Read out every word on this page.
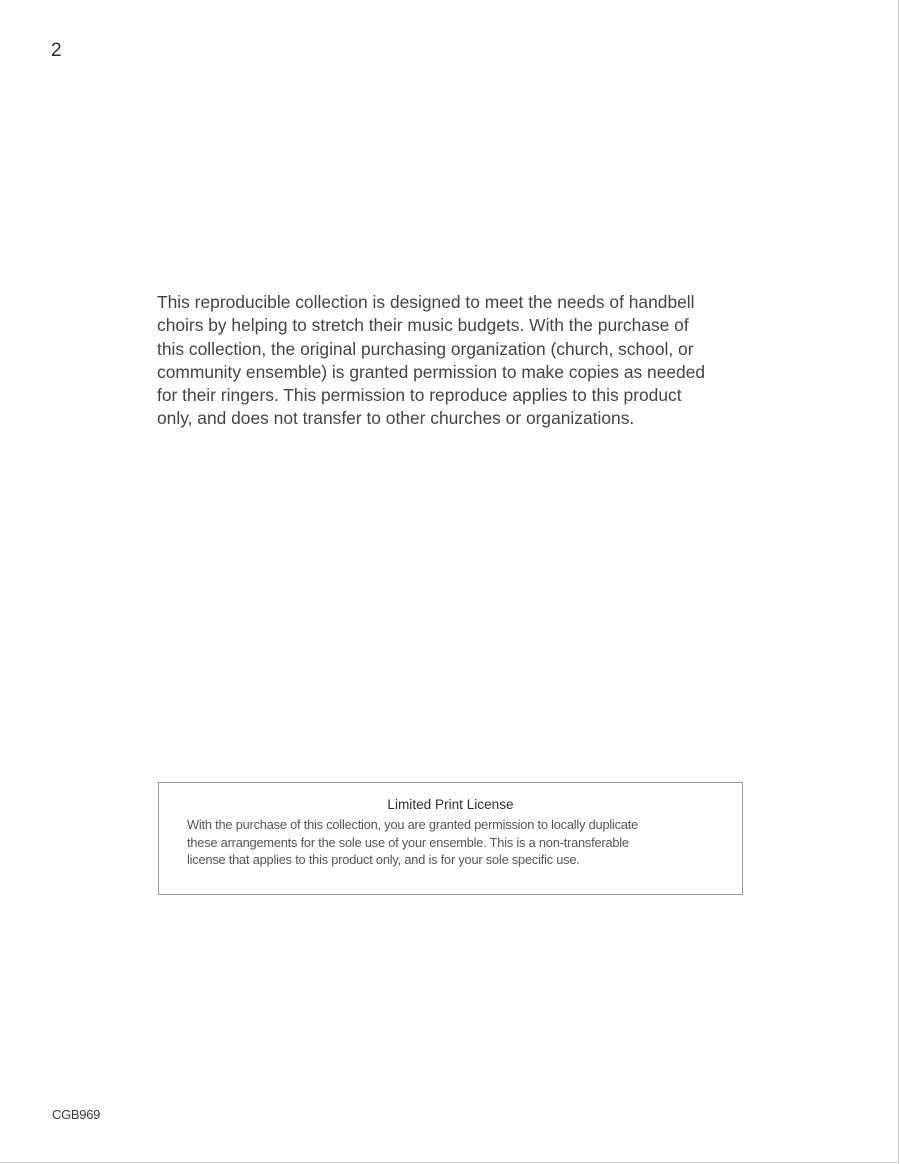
2

This reproducible collection is designed to meet the needs of handbell
choirs by helping to stretch their music budgets. With the purchase of
this collection, the original purchasing organization (church, school, or
community ensemble) is granted permission to make copies as needed
for their ringers. This permission to reproduce applies to this product
only, and does not transfer to other churches or organizations.

Limited Print License

With the purchase of this collection, you are granted permission to locally duplicate
these arrangements for the sole use of your ensemble. This is a non-transferable
license that applies to this product only, and is for your sole specific use.

CGB969
